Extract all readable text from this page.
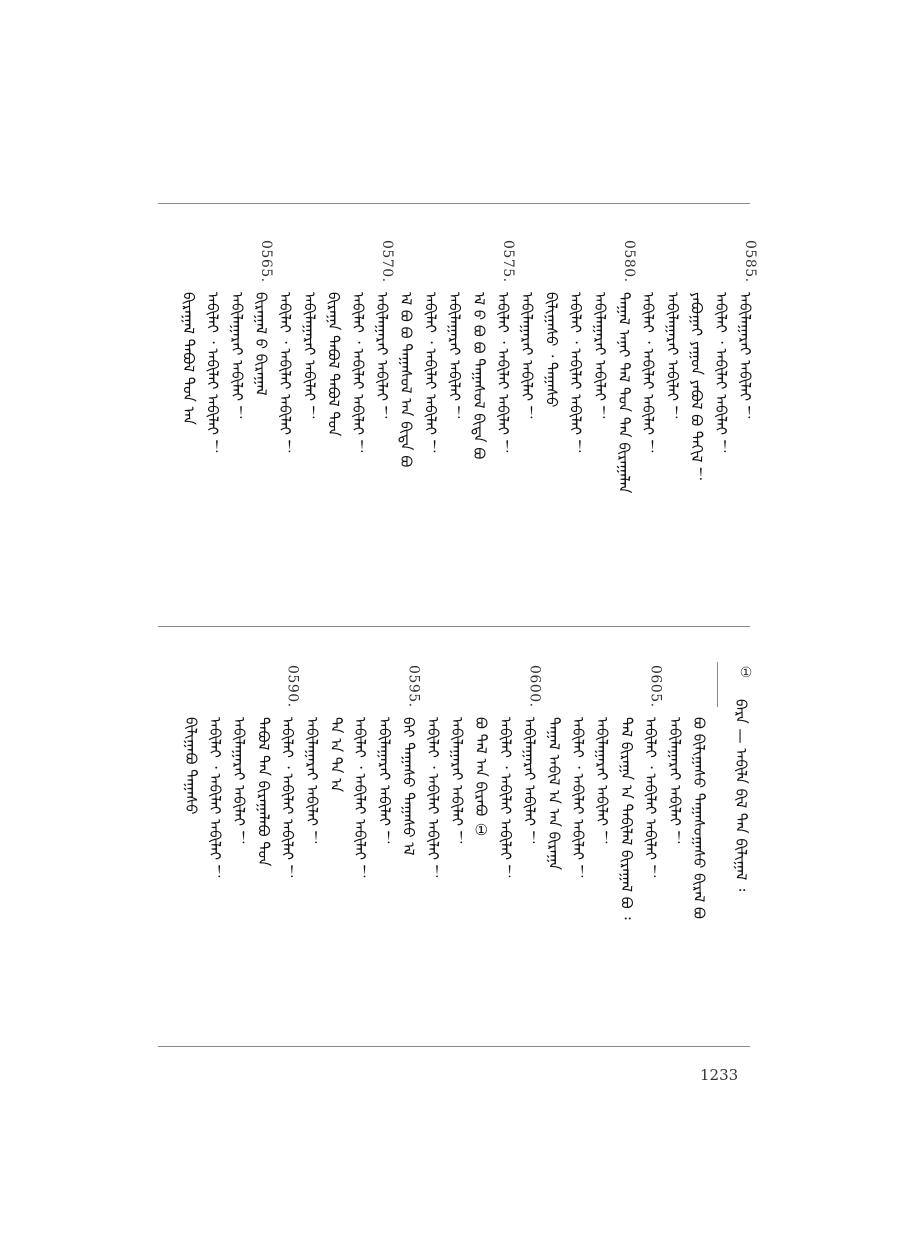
0585.
ᠠᠪᠢᠯᠠᠭᠠᠷᠠᠢ ᠠᠪᠢᠯᠠᠢ ！
ᠠᠪᠢᠯᠠᠢ ᠂ ᠠᠪᠢᠯᠠᠢ ᠠᠪᠢᠯᠠᠢ ！
ᠶᠠᠪᠤᠭᠠᠢ ᠶᠠᠭᠤᠨ ᠶᠠᠪᠤᠯ ᠪᠤ ᠲᠠᠬᠢᠯ ！
ᠠᠪᠢᠯᠠᠭᠠᠷᠠᠢ ᠠᠪᠢᠯᠠᠢ ！
ᠠᠪᠢᠯᠠᠢ ᠂ ᠠᠪᠢᠯᠠᠢ ᠠᠪᠢᠯᠠᠢ ！
0580.
ᠲᠠᠭᠠᠯ ᠠᠨᠠᠢ ᠲᠡᠯ ᠲᠤᠨ ᠲᠠᠨ ᠪᠢᠷᠠᠭᠠᠯᠠᠨ
ᠠᠪᠢᠯᠠᠭᠠᠷᠠᠢ ᠠᠪᠢᠯᠠᠢ ！
ᠠᠪᠢᠯᠠᠢ ᠂ ᠠᠪᠢᠯᠠᠢ ᠠᠪᠢᠯᠠᠢ ！
ᠪᠢᠯᠢᠭᠠᠰᠤ ᠂ ᠲᠠᠭᠠᠰᠤ
ᠠᠪᠢᠯᠠᠭᠠᠷᠠᠢ ᠠᠪᠢᠯᠠᠢ ！
0575.
ᠠᠪᠢᠯᠠᠢ ᠂ ᠠᠪᠢᠯᠠᠢ ᠠᠪᠢᠯᠠᠢ ！
ᠡᠯ ᠪ ᠪᠤ ᠪᠤ ᠲᠠᠭᠠᠰᠤᠯ ᠪᠢᠳᠡ ᠪᠤ
ᠠᠪᠢᠯᠠᠭᠠᠷᠠᠢ ᠠᠪᠢᠯᠠᠢ ！
ᠠᠪᠢᠯᠠᠢ ᠂ ᠠᠪᠢᠯᠠᠢ ᠠᠪᠢᠯᠠᠢ ！
ᠡᠯ ᠪᠤ ᠪᠤ ᠲᠠᠭᠠᠰᠤᠯ ᠠᠨ ᠪᠢᠳᠡ ᠪᠤ
0570.
ᠠᠪᠢᠯᠠᠭᠠᠷᠠᠢ ᠠᠪᠢᠯᠠᠢ ！
ᠠᠪᠢᠯᠠᠢ ᠂ ᠠᠪᠢᠯᠠᠢ ᠠᠪᠢᠯᠠᠢ ！
ᠪᠢᠷᠠᠭᠠ ᠲᠠᠪᠤᠯ ᠲᠠᠪᠤᠯ ᠲᠤᠨ
ᠠᠪᠢᠯᠠᠭᠠᠷᠠᠢ ᠠᠪᠢᠯᠠᠢ ！
ᠠᠪᠢᠯᠠᠢ ᠂ ᠠᠪᠢᠯᠠᠢ ᠠᠪᠢᠯᠠᠢ ！
0565.
ᠪᠢᠷᠠᠭᠠᠯ ᠪ ᠪᠢᠷᠠᠭᠠᠯ
ᠠᠪᠢᠯᠠᠭᠠᠷᠠᠢ ᠠᠪᠢᠯᠠᠢ ！
ᠠᠪᠢᠯᠠᠢ ᠂ ᠠᠪᠢᠯᠠᠢ ᠠᠪᠢᠯᠠᠢ ！
ᠪᠢᠷᠠᠭᠠᠯ ᠲᠠᠪᠤᠯ ᠲᠤᠨ ᠠᠨ
ᠪᠤ ᠪᠢᠯᠢᠭᠠᠰᠤ ᠲᠠᠭᠠᠰᠤᠭᠠᠰᠤ ᠪᠢᠷᠠᠯ ᠪᠤ
ᠠᠪᠢᠯᠠᠭᠠᠷᠠᠢ ᠠᠪᠢᠯᠠᠢ ！
0605.
ᠠᠪᠢᠯᠠᠢ ᠂ ᠠᠪᠢᠯᠠᠢ ᠠᠪᠢᠯᠠᠢ ！
ᠲᠠᠯ ᠪᠢᠷᠠᠭᠠ ᠠ ᠲᠠᠪᠢᠯᠠᠯ ᠪᠢᠷᠠᠭᠠᠯ ᠪᠤ ᠄
ᠠᠪᠢᠯᠠᠭᠠᠷᠠᠢ ᠠᠪᠢᠯᠠᠢ ！
ᠠᠪᠢᠯᠠᠢ ᠂ ᠠᠪᠢᠯᠠᠢ ᠠᠪᠢᠯᠠᠢ ！
ᠲᠠᠭᠠᠯ ᠠᠪᠢᠯ ᠠ ᠠᠨ ᠪᠢᠷᠠᠭᠠ
0600.
ᠠᠪᠢᠯᠠᠭᠠᠷᠠᠢ ᠠᠪᠢᠯᠠᠢ ！
ᠠᠪᠢᠯᠠᠢ ᠂ ᠠᠪᠢᠯᠠᠢ ᠠᠪᠢᠯᠠᠢ ！
ᠪᠤ ᠲᠠᠯ ᠠᠨ ᠪᠢᠷᠠᠪᠤ ①
ᠠᠪᠢᠯᠠᠭᠠᠷᠠᠢ ᠠᠪᠢᠯᠠᠢ ！
ᠠᠪᠢᠯᠠᠢ ᠂ ᠠᠪᠢᠯᠠᠢ ᠠᠪᠢᠯᠠᠢ ！
0595.
ᠪᠠᠢ ᠲᠠᠭᠠᠰᠤ ᠲᠠᠭᠠᠰᠤ ᠡᠯ
ᠠᠪᠢᠯᠠᠭᠠᠷᠠᠢ ᠠᠪᠢᠯᠠᠢ ！
ᠠᠪᠢᠯᠠᠢ ᠂ ᠠᠪᠢᠯᠠᠢ ᠠᠪᠢᠯᠠᠢ ！
ᠲᠠ ᠠ ᠲᠠ ᠠ
ᠠᠪᠢᠯᠠᠭᠠᠷᠠᠢ ᠠᠪᠢᠯᠠᠢ ！
0590.
ᠠᠪᠢᠯᠠᠢ ᠂ ᠠᠪᠢᠯᠠᠢ ᠠᠪᠢᠯᠠᠢ ！
ᠲᠠᠪᠤᠯ ᠲᠠᠨ ᠪᠢᠷᠠᠭᠠᠯᠠᠪᠤ ᠲᠤᠨ
ᠠᠪᠢᠯᠠᠭᠠᠷᠠᠢ ᠠᠪᠢᠯᠠᠢ ！
ᠠᠪᠢᠯᠠᠢ ᠂ ᠠᠪᠢᠯᠠᠢ ᠠᠪᠢᠯᠠᠢ ！
ᠪᠢᠯᠢᠭᠠᠪᠤ ᠲᠠᠭᠠᠰᠤ
①
ᠪᠠᠷᠠ — ᠠᠪᠢᠯᠠ ᠪᠢᠯ ᠲᠠᠨ ᠪᠢᠯᠢᠭᠠᠯ ᠄
1233
